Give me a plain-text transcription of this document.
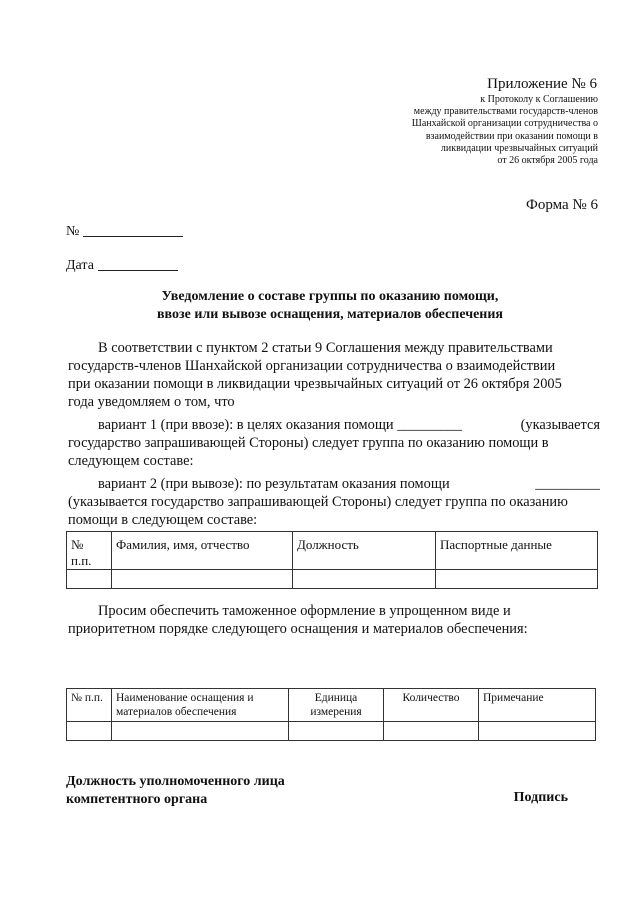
Приложение № 6
к Протоколу к Соглашению
между правительствами государств-членов
Шанхайской организации сотрудничества о
взаимодействии при оказании помощи в
ликвидации чрезвычайных ситуаций
от 26 октября 2005 года
Форма № 6
№
Дата
Уведомление о составе группы по оказанию помощи,
ввозе или вывозе оснащения, материалов обеспечения
В соответствии с пунктом 2 статьи 9 Соглашения между правительствами
государств-членов Шанхайской организации сотрудничества о взаимодействии
при оказании помощи в ликвидации чрезвычайных ситуаций от 26 октября 2005
года уведомляем о том, что
вариант 1 (при ввозе): в целях оказания помощи _________	(указывается
государство запрашивающей Стороны) следует группа по оказанию помощи в
следующем составе:
вариант 2 (при вывозе): по результатам оказания помощи	_________
(указывается государство запрашивающей Стороны) следует группа по оказанию
помощи в следующем составе:
№ п.п.	Фамилия, имя, отчество	Должность	Паспортные данные

Просим обеспечить таможенное оформление в упрощенном виде и
приоритетном порядке следующего оснащения и материалов обеспечения:
№ п.п.	Наименование оснащения и материалов обеспечения	Единица измерения	Количество	Примечание

Должность уполномоченного лица
компетентного органа	Подпись
